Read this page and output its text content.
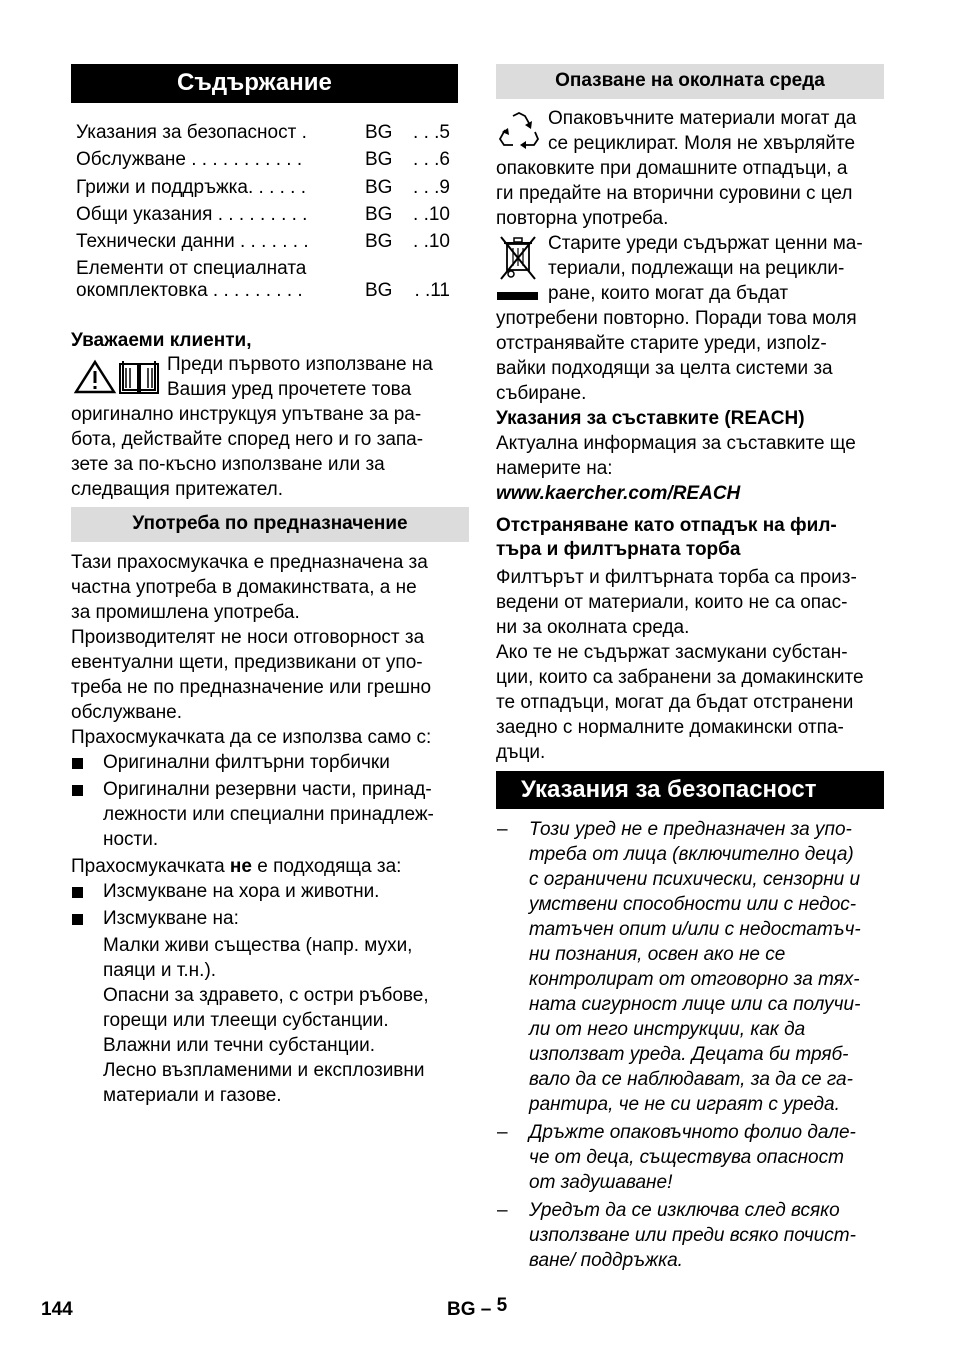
Съдържание
Указания за безопасност .	BG . . .5
Обслужване . . . . . . . . . . .	BG . . .6
Грижи и поддръжка. . . . . .	BG . . .9
Общи указания . . . . . . . . .	BG . .10
Технически данни . . . . . . .	BG . .10
Елементи от специалната
окомплектовка . . . . . . . . .	BG . .11
Уважаеми клиенти,
Преди първото използване на
Вашия уред прочетете това
оригинално инструкцуя упътване за ра-
бота, действайте според него и го запа-
зете за по-късно използване или за
следващия притежател.
Употреба по предназначение
Тази прахосмукачка е предназначена за
частна употреба в домакинствата, а не
за промишлена употреба.
Производителят не носи отговорност за
евентуални щети, предизвикани от упо-
треба не по предназначение или грешно
обслужване.
Прахосмукачката да се използва само с:
Оригинални филтърни торбички
Оригинални резервни части, принад-
лежности или специални принадлеж-
ности.
Прахосмукачката не е подходяща за:
Изсмукване на хора и животни.
Изсмукване на:
Малки живи същества (напр. мухи,
паяци и т.н.).
Опасни за здравето, с остри ръбове,
горещи или тлеещи субстанции.
Влажни или течни субстанции.
Лесно възпламеними и експлозивни
материали и газове.
Опазване на околната среда
Опаковъчните материали могат да
се рециклират. Моля не хвърляйте
опаковките при домашните отпадъци, а
ги предайте на вторични суровини с цел
повторна употреба.
Старите уреди съдържат ценни ма-
териали, подлежащи на рецикли-
ране, които могат да бъдат
употребени повторно. Поради това моля
отстранявайте старите уреди, изпolz-
вайки подходящи за целта системи за
събиране.
Указания за съставките (REACH)
Актуална информация за съставките ще
намерите на:
www.kaercher.com/REACH
Отстраняване като отпадък на фил-
търа и филтърната торба
Филтърът и филтърната торба са произ-
ведени от материали, които не са опас-
ни за околната среда.
Ако те не съдържат засмукани субстан-
ции, които са забранени за домакинските
те отпадъци, могат да бъдат отстранени
заедно с нормалните домакински отпа-
дъци.
Указания за безопасност
– Този уред не е предназначен за упо-
треба от лица (включително деца)
с ограничени психически, сензорни и
умствени способности или с недос-
татъчен опит и/или с недостатъч-
ни познания, освен ако не се
контролират от отговорно за тях-
ната сигурност лице или са получи-
ли от него инструкции, как да
използват уреда. Децата би тряб-
вало да се наблюдават, за да се га-
рантира, че не си играят с уреда.
– Дръжте опаковъчното фолио дале-
че от деца, съществува опасност
от задушаване!
– Уредът да се изключва след всяко
използване или преди всяко почист-
ване/ поддръжка.
144	BG – 5
